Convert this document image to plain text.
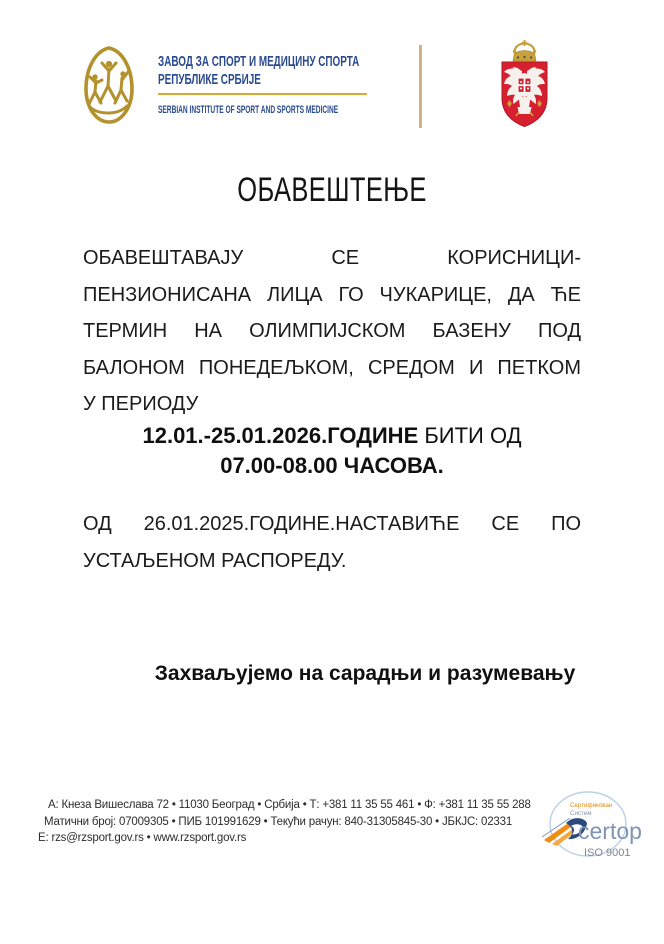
ЗАВОД ЗА СПОРТ И МЕДИЦИНУ СПОРТА
РЕПУБЛИКЕ СРБИЈЕ
SERBIAN INSTITUTE OF SPORT AND SPORTS MEDICINE
ОБАВЕШТЕЊЕ
ОБАВЕШТАВАЈУ СЕ КОРИСНИЦИ-
ПЕНЗИОНИСАНА ЛИЦА ГО ЧУКАРИЦЕ, ДА ЋЕ
ТЕРМИН НА ОЛИМПИЈСКОМ БАЗЕНУ ПОД
БАЛОНОМ ПОНЕДЕЉКОМ, СРЕДОМ И ПЕТКОМ
У ПЕРИОДУ
12.01.-25.01.2026.ГОДИНЕ БИТИ ОД
07.00-08.00 ЧАСОВА.
ОД 26.01.2025.ГОДИНЕ.НАСТАВИЋЕ СЕ ПО
УСТАЉЕНОМ РАСПОРЕДУ.
Захваљујемо на сарадњи и разумевању
А: Кнеза Вишеслава 72 • 11030 Београд • Србија • Т: +381 11 35 55 461 • Ф: +381 11 35 55 288
Матични број: 07009305 • ПИБ 101991629 • Текући рачун: 840-31305845-30 • ЈБКЈС: 02331
Е: rzs@rzsport.gov.rs • www.rzsport.gov.rs
Сертификован
Систем
certop
ISO 9001
